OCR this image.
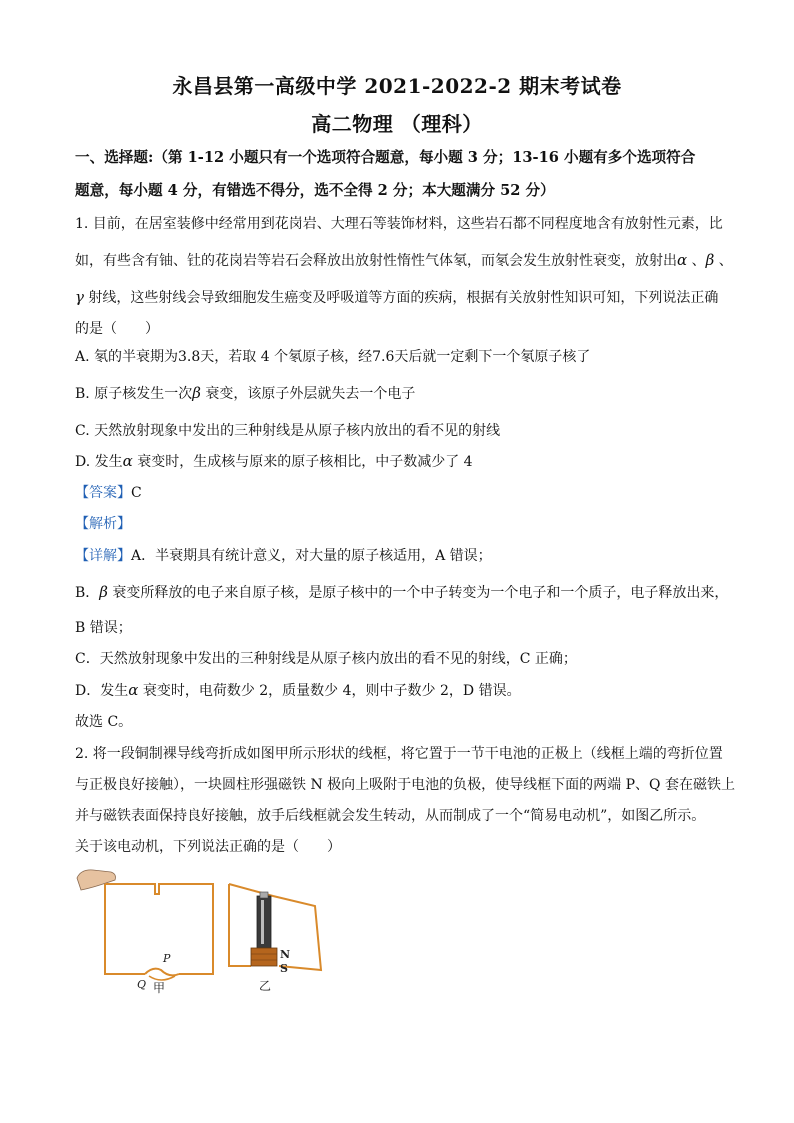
永昌县第一高级中学 2021-2022-2 期末考试卷
高二物理 （理科）
一、选择题:（第 1-12 小题只有一个选项符合题意，每小题 3 分；13-16 小题有多个选项符合
题意，每小题 4 分，有错选不得分，选不全得 2 分；本大题满分 52 分）
1. 目前，在居室装修中经常用到花岗岩、大理石等装饰材料，这些岩石都不同程度地含有放射性元素，比
如，有些含有铀、钍的花岗岩等岩石会释放出放射性惰性气体氡，而氡会发生放射性衰变，放射出α 、β 、
γ 射线，这些射线会导致细胞发生癌变及呼吸道等方面的疾病，根据有关放射性知识可知，下列说法正确
的是（　　）
A. 氡的半衰期为3.8天，若取 4 个氡原子核，经7.6天后就一定剩下一个氡原子核了
B. 原子核发生一次β 衰变，该原子外层就失去一个电子
C. 天然放射现象中发出的三种射线是从原子核内放出的看不见的射线
D. 发生α 衰变时，生成核与原来的原子核相比，中子数减少了 4
【答案】C
【解析】
【详解】A．半衰期具有统计意义，对大量的原子核适用，A 错误；
B．β 衰变所释放的电子来自原子核，是原子核中的一个中子转变为一个电子和一个质子，电子释放出来，
B 错误；
C．天然放射现象中发出的三种射线是从原子核内放出的看不见的射线，C 正确；
D．发生α 衰变时，电荷数少 2，质量数少 4，则中子数少 2，D 错误。
故选 C。
2. 将一段铜制裸导线弯折成如图甲所示形状的线框，将它置于一节干电池的正极上（线框上端的弯折位置
与正极良好接触），一块圆柱形强磁铁 N 极向上吸附于电池的负极，使导线框下面的两端 P、Q 套在磁铁上
并与磁铁表面保持良好接触，放手后线框就会发生转动，从而制成了一个“简易电动机”，如图乙所示。
关于该电动机，下列说法正确的是（　　）
P
Q 甲
N
S
乙
